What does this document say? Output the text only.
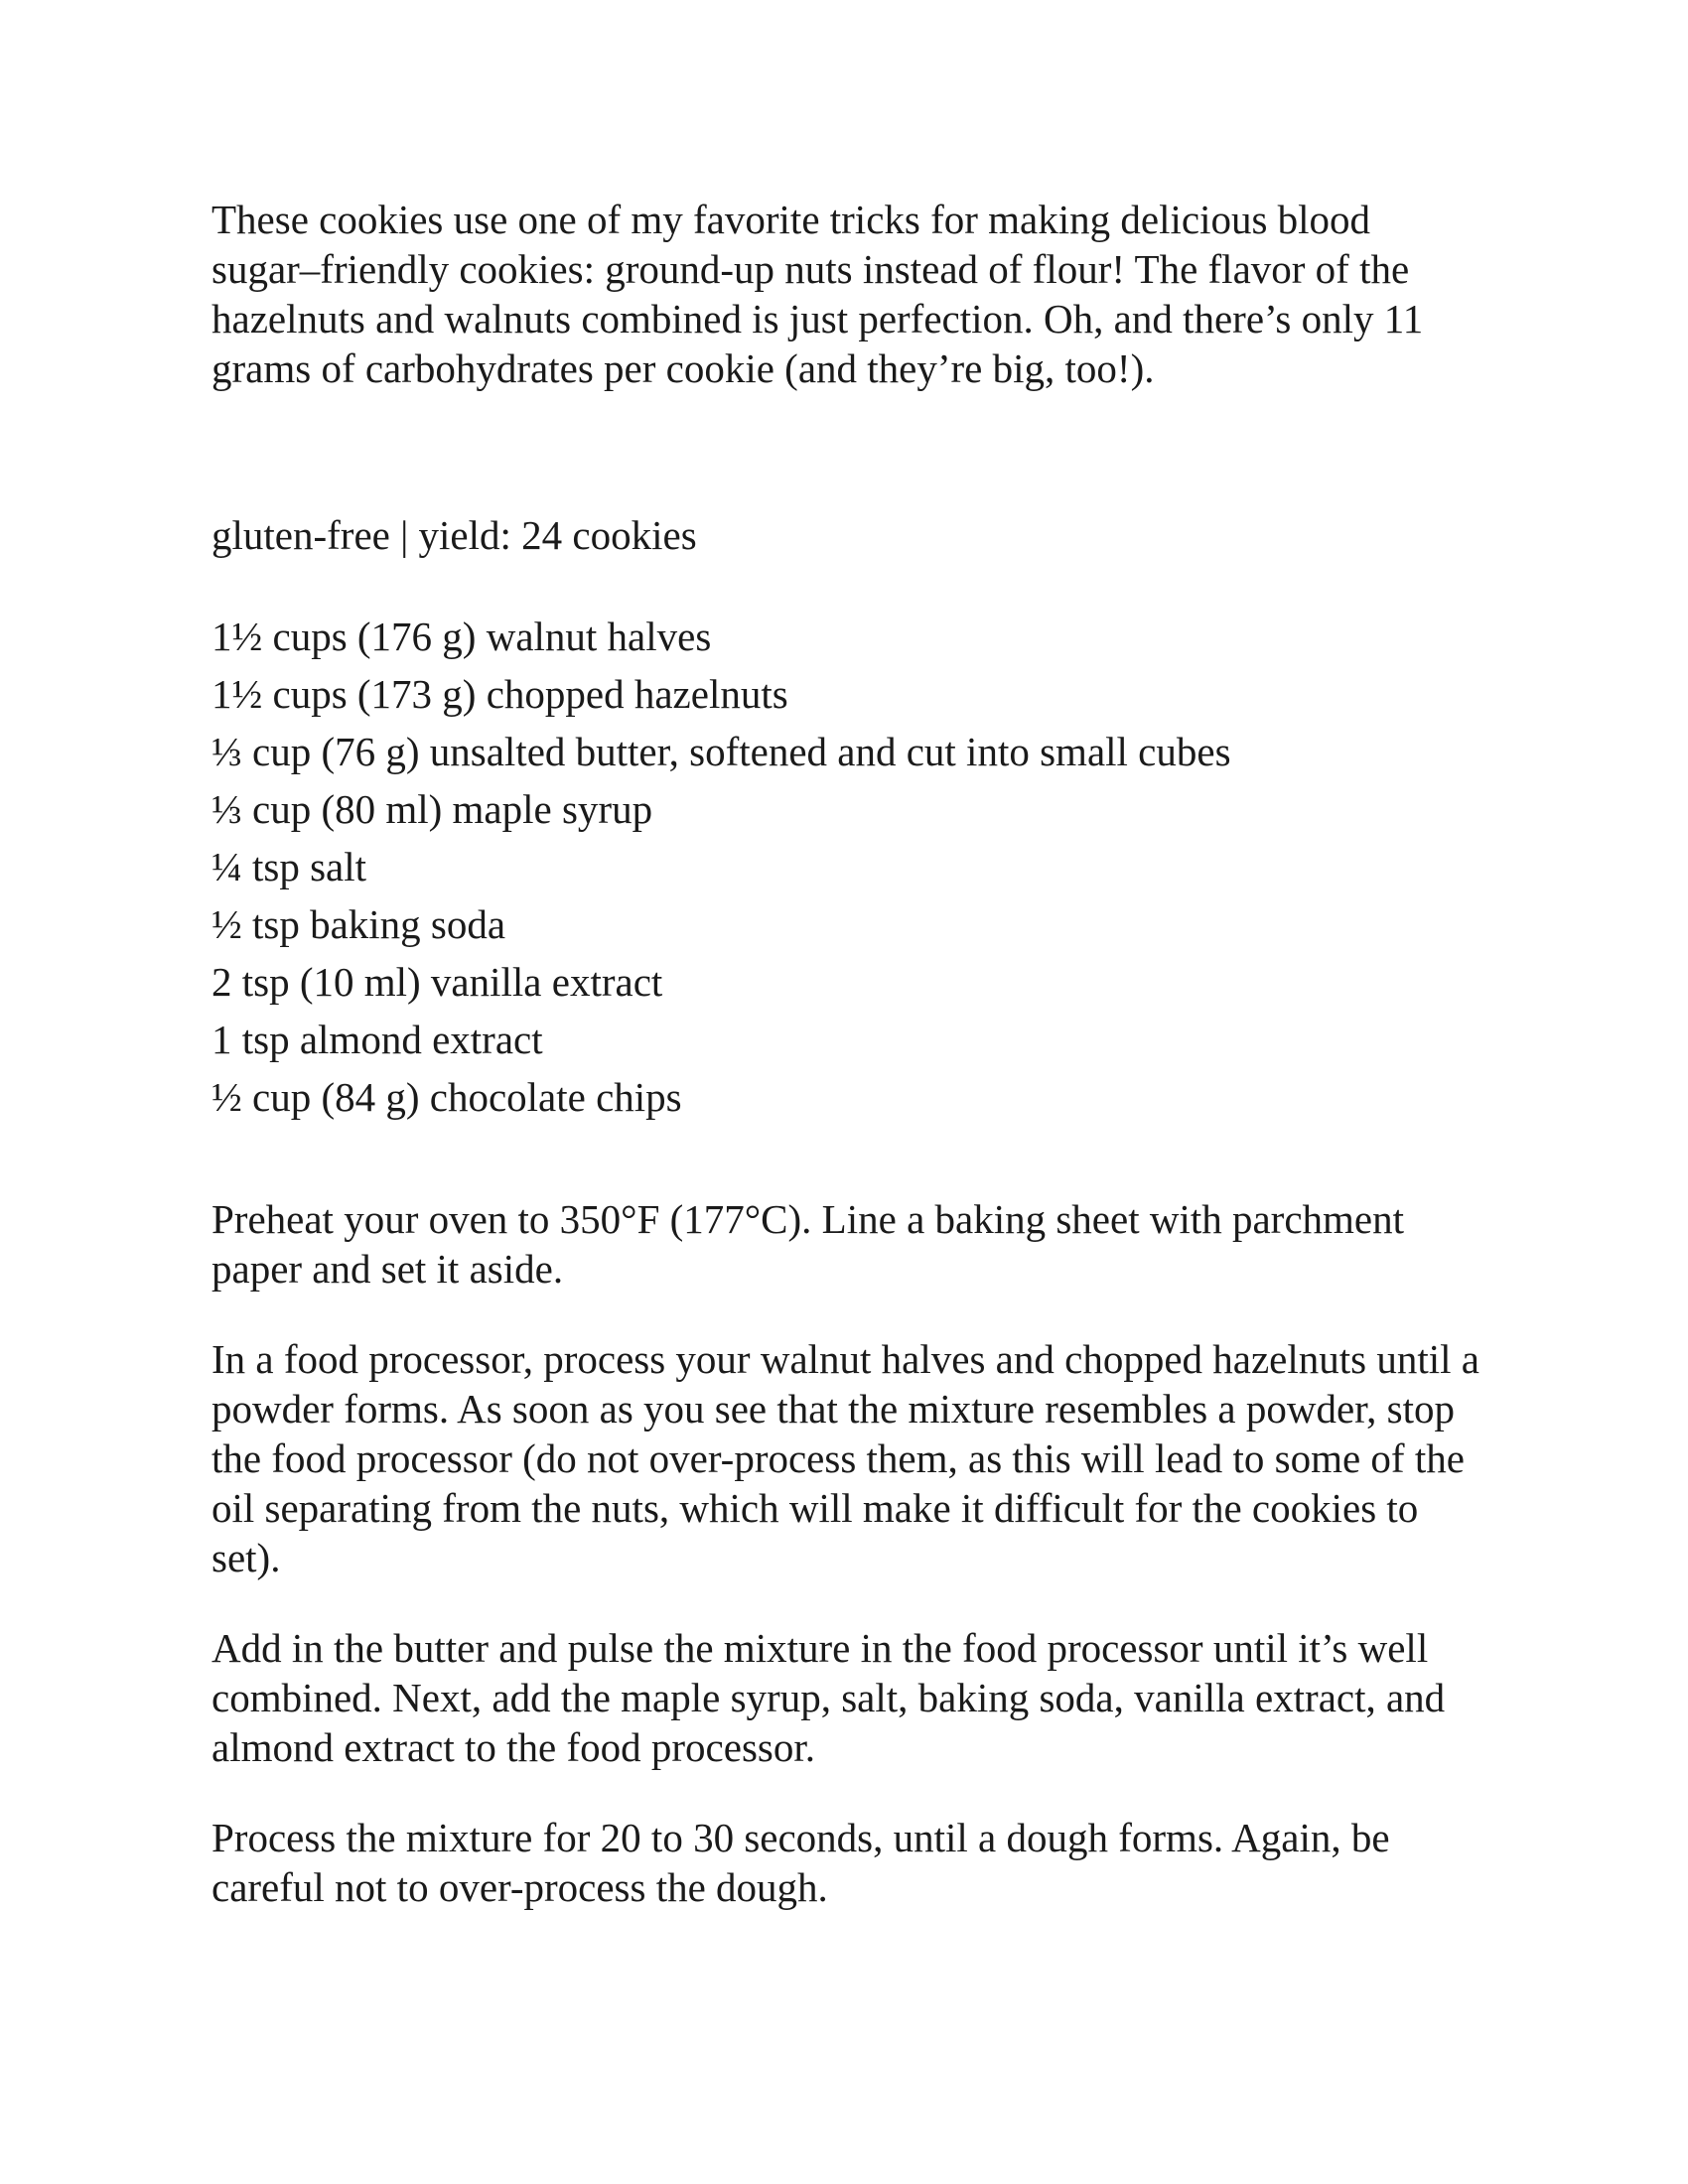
These cookies use one of my favorite tricks for making delicious blood sugar–friendly cookies: ground-up nuts instead of flour! The flavor of the hazelnuts and walnuts combined is just perfection. Oh, and there’s only 11 grams of carbohydrates per cookie (and they’re big, too!).

gluten-free | yield: 24 cookies

1½ cups (176 g) walnut halves
1½ cups (173 g) chopped hazelnuts
⅓ cup (76 g) unsalted butter, softened and cut into small cubes
⅓ cup (80 ml) maple syrup
¼ tsp salt
½ tsp baking soda
2 tsp (10 ml) vanilla extract
1 tsp almond extract
½ cup (84 g) chocolate chips

Preheat your oven to 350°F (177°C). Line a baking sheet with parchment paper and set it aside.

In a food processor, process your walnut halves and chopped hazelnuts until a powder forms. As soon as you see that the mixture resembles a powder, stop the food processor (do not over-process them, as this will lead to some of the oil separating from the nuts, which will make it difficult for the cookies to set).

Add in the butter and pulse the mixture in the food processor until it’s well combined. Next, add the maple syrup, salt, baking soda, vanilla extract, and almond extract to the food processor.

Process the mixture for 20 to 30 seconds, until a dough forms. Again, be careful not to over-process the dough.
